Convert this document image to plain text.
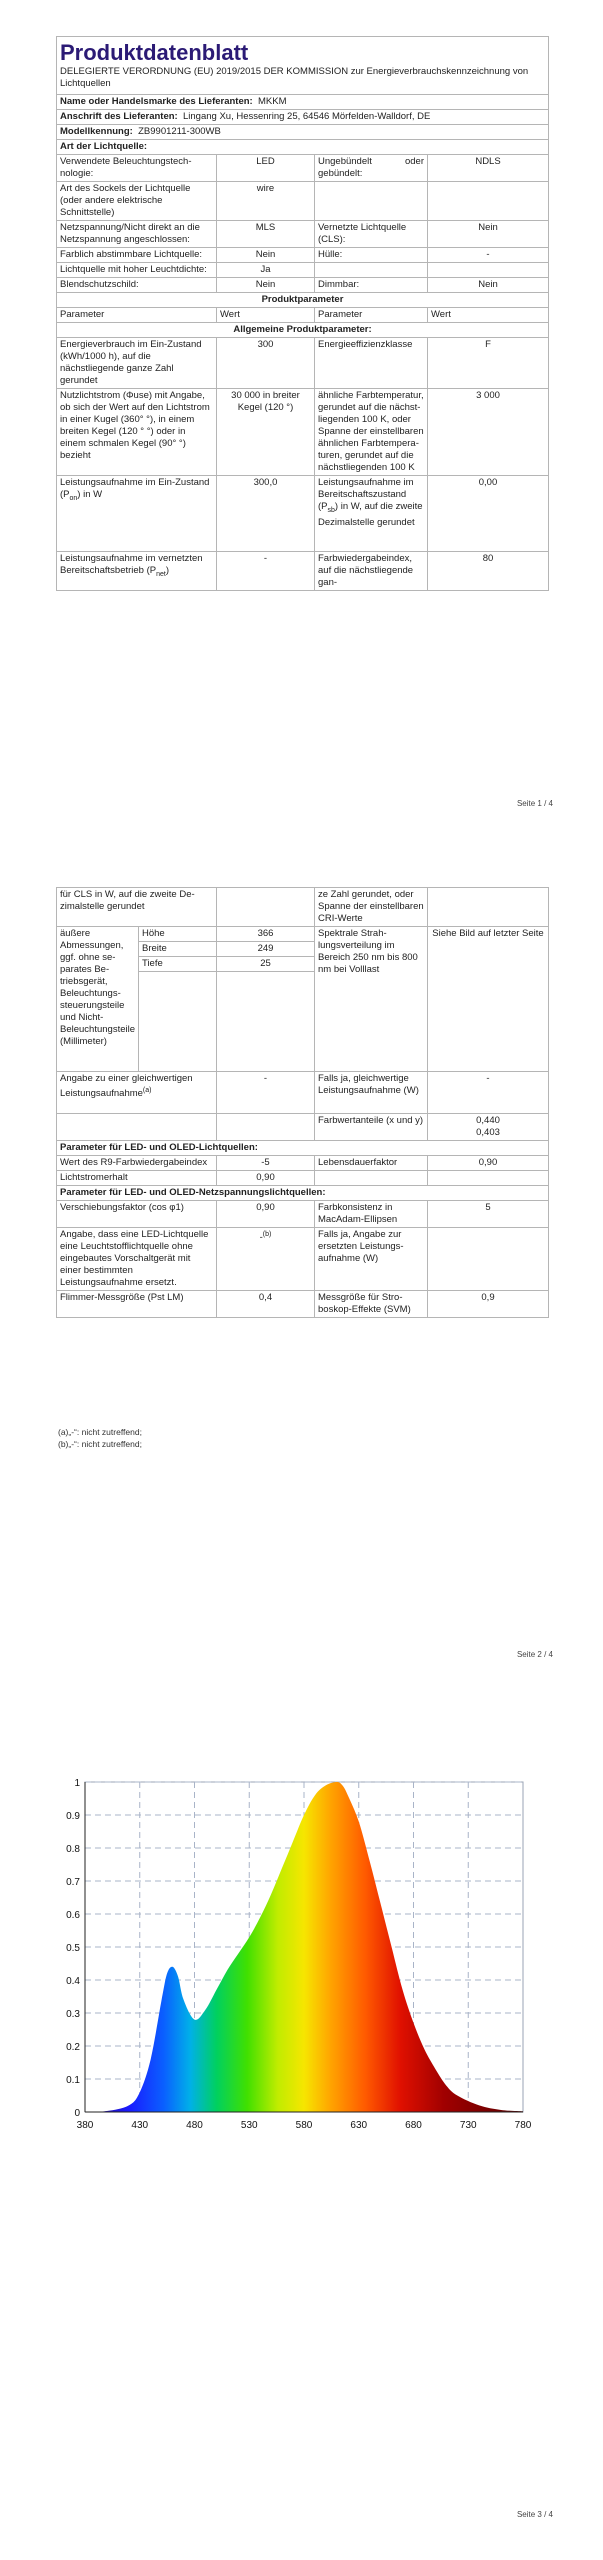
Produktdatenblatt
DELEGIERTE VERORDNUNG (EU) 2019/2015 DER KOMMISSION zur Energieverbrauchskennzeichnung von Lichtquellen			

Name oder Handelsmarke des Lieferanten: MKKM			
Anschrift des Lieferanten: Lingang Xu, Hessenring 25, 64546 Mörfelden-Walldorf, DE			
Modellkennung: ZB9901211-300WB			
Art der Lichtquelle:			
Verwendete Beleuchtungstechnologie:	LED	Ungebündelt oder gebündelt:	NDLS
Art des Sockels der Lichtquelle (oder andere elektrische Schnittstelle)	wire		
Netzspannung/Nicht direkt an die Netzspannung angeschlossen:	MLS	Vernetzte Lichtquelle (CLS):	Nein
Farblich abstimmbare Lichtquelle:	Nein	Hülle:	-
Lichtquelle mit hoher Leuchtdichte:	Ja		
Blendschutzschild:	Nein	Dimmbar:	Nein
Produktparameter			
Parameter	Wert	Parameter	Wert
Allgemeine Produktparameter:			
Energieverbrauch im Ein-Zustand (kWh/1000 h), auf die nächstliegende ganze Zahl gerundet	300	Energieeffizienzklasse	F
Nutzlichtstrom (Φuse) mit Angabe, ob sich der Wert auf den Lichtstrom in einer Kugel (360° °), in einem breiten Kegel (120 ° °) oder in einem schmalen Kegel (90° °) bezieht	30 000 in breiter Kegel (120 °)	ähnliche Farbtemperatur, gerundet auf die nächstliegenden 100 K, oder Spanne der einstellbaren ähnlichen Farbtemperaturen, gerundet auf die nächstliegenden 100 K	3 000
Leistungsaufnahme im Ein-Zustand $(P_{on})$ in W	300,0	Leistungsaufnahme im Bereitschaftszustand $(P_{sb})$ in W, auf die zweite Dezimalstelle gerundet	0,00
Leistungsaufnahme im vernetzten Bereitschaftsbetrieb $(P_{net})$	-	Farbwiedergabeindex, auf die nächstliegende gan-	80
Seite 1 / 4
für CLS in W, auf die zweite Dezimalstelle gerundet			ze Zahl gerundet, oder Spanne der einstellbaren CRI-Werte	
äußere Abmessungen, ggf. ohne separates Betriebsgerät, Beleuchtungssteuerungsteile und Nicht-Beleuchtungsteile (Millimeter)	Höhe	366	Spektrale Strahlungsverteilung im Bereich 250 nm bis 800 nm bei Volllast	Siehe Bild auf letzter Seite
	Breite	249		
	Tiefe	25		

Angabe zu einer gleichwertigen Leistungsaufnahme$^{(a)}$		-	Falls ja, gleichwertige Leistungsaufnahme (W)	-
			Farbwertanteile (x und y)	0,440
0,403

Parameter für LED- und OLED-Lichtquellen:				
Wert des R9-Farbwiedergabeindex		-5	Lebensdauerfaktor	0,90
Lichtstromerhalt		0,90		
Parameter für LED- und OLED-Netzspannungslichtquellen:				
Verschiebungsfaktor (cos φ1)		0,90	Farbkonsistenz in MacAdam-Ellipsen	5
Angabe, dass eine LED-Lichtquelle eine Leuchtstofflichtquelle ohne eingebautes Vorschaltgerät mit einer bestimmten Leistungsaufnahme ersetzt.		-$^{(b)}$	Falls ja, Angabe zur ersetzten Leistungsaufnahme (W)	
Flimmer-Messgröße (Pst LM)		0,4	Messgröße für Stroboskop-Effekte (SVM)	0,9
(a)„-“: nicht zutreffend;
(b)„-“: nicht zutreffend;
Seite 2 / 4
380	430	480	530	580	630	680	730	780
0
0.1
0.2
0.3
0.4
0.5
0.6
0.7
0.8
0.9
1
Seite 3 / 4
